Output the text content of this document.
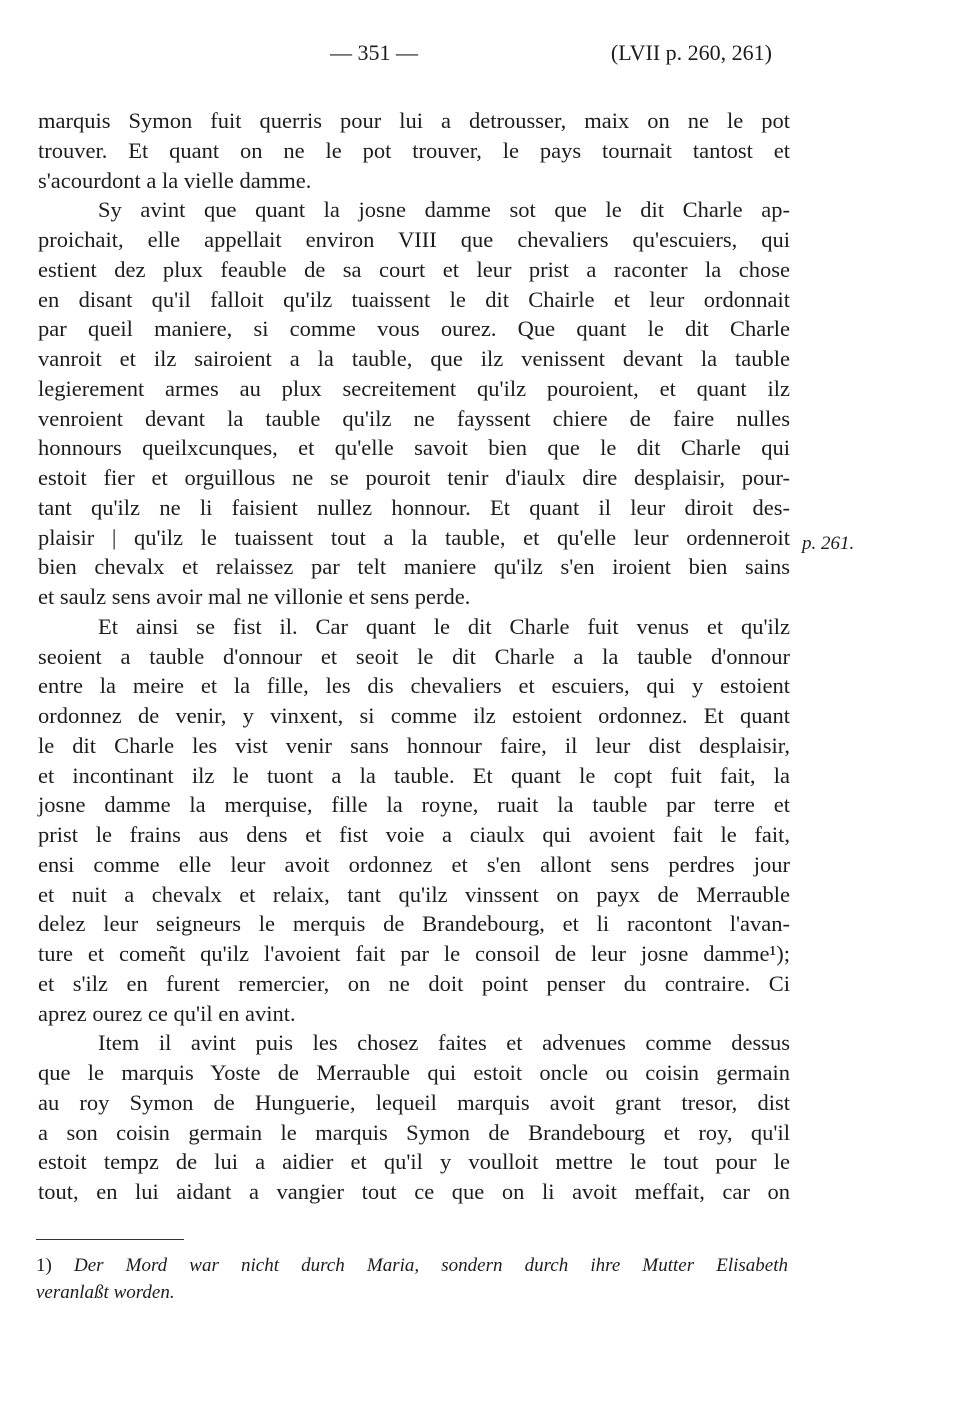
— 351 —	(LVII p. 260, 261)
marquis Symon fuit querris pour lui a detrousser, maix on ne le pot
trouver. Et quant on ne le pot trouver, le pays tournait tantost et
s'acourdont a la vielle damme.
Sy avint que quant la josne damme sot que le dit Charle ap-
proichait, elle appellait environ VIII que chevaliers qu'escuiers, qui
estient dez plux feauble de sa court et leur prist a raconter la chose
en disant qu'il falloit qu'ilz tuaissent le dit Chairle et leur ordonnait
par queil maniere, si comme vous ourez. Que quant le dit Charle
vanroit et ilz sairoient a la tauble, que ilz venissent devant la tauble
legierement armes au plux secreitement qu'ilz pouroient, et quant ilz
venroient devant la tauble qu'ilz ne fayssent chiere de faire nulles
honnours queilxcunques, et qu'elle savoit bien que le dit Charle qui
estoit fier et orguillous ne se pouroit tenir d'iaulx dire desplaisir, pour-
tant qu'ilz ne li faisient nullez honnour. Et quant il leur diroit des-
plaisir | qu'ilz le tuaissent tout a la tauble, et qu'elle leur ordenneroit
bien chevalx et relaissez par telt maniere qu'ilz s'en iroient bien sains
et saulz sens avoir mal ne villonie et sens perde.
Et ainsi se fist il. Car quant le dit Charle fuit venus et qu'ilz
seoient a tauble d'onnour et seoit le dit Charle a la tauble d'onnour
entre la meire et la fille, les dis chevaliers et escuiers, qui y estoient
ordonnez de venir, y vinxent, si comme ilz estoient ordonnez. Et quant
le dit Charle les vist venir sans honnour faire, il leur dist desplaisir,
et incontinant ilz le tuont a la tauble. Et quant le copt fuit fait, la
josne damme la merquise, fille la royne, ruait la tauble par terre et
prist le frains aus dens et fist voie a ciaulx qui avoient fait le fait,
ensi comme elle leur avoit ordonnez et s'en allont sens perdres jour
et nuit a chevalx et relaix, tant qu'ilz vinssent on payx de Merrauble
delez leur seigneurs le merquis de Brandebourg, et li racontont l'avan-
ture et comeñt qu'ilz l'avoient fait par le consoil de leur josne damme¹);
et s'ilz en furent remercier, on ne doit point penser du contraire. Ci
aprez ourez ce qu'il en avint.
Item il avint puis les chosez faites et advenues comme dessus
que le marquis Yoste de Merrauble qui estoit oncle ou coisin germain
au roy Symon de Hunguerie, lequeil marquis avoit grant tresor, dist
a son coisin germain le marquis Symon de Brandebourg et roy, qu'il
estoit tempz de lui a aidier et qu'il y voulloit mettre le tout pour le
tout, en lui aidant a vangier tout ce que on li avoit meffait, car on
p. 261.
1) Der Mord war nicht durch Maria, sondern durch ihre Mutter Elisabeth
veranlaßt worden.
